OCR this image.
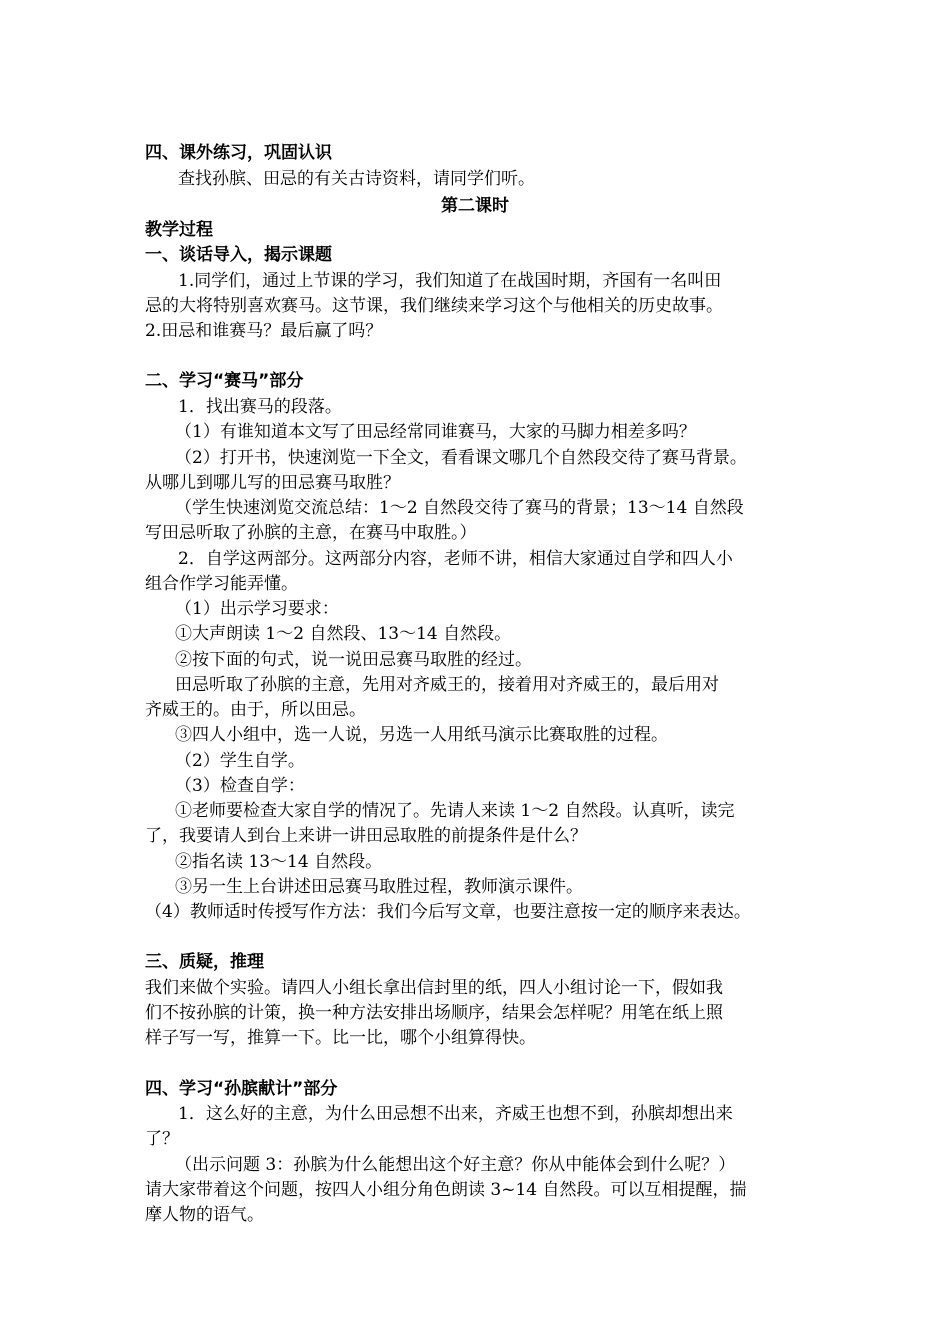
四、课外练习，巩固认识
查找孙膑、田忌的有关古诗资料，请同学们听。
第二课时
教学过程
一、谈话导入，揭示课题
1.同学们，通过上节课的学习，我们知道了在战国时期，齐国有一名叫田
忌的大将特别喜欢赛马。这节课，我们继续来学习这个与他相关的历史故事。
2.田忌和谁赛马？最后赢了吗？
二、学习“赛马”部分
1．找出赛马的段落。
（1）有谁知道本文写了田忌经常同谁赛马，大家的马脚力相差多吗？
（2）打开书，快速浏览一下全文，看看课文哪几个自然段交待了赛马背景。
从哪儿到哪儿写的田忌赛马取胜？
（学生快速浏览交流总结：1～2 自然段交待了赛马的背景；13～14 自然段
写田忌听取了孙膑的主意，在赛马中取胜。）
2．自学这两部分。这两部分内容，老师不讲，相信大家通过自学和四人小
组合作学习能弄懂。
（1）出示学习要求：
①大声朗读 1～2 自然段、13～14 自然段。
②按下面的句式，说一说田忌赛马取胜的经过。
田忌听取了孙膑的主意，先用对齐威王的，接着用对齐威王的，最后用对
齐威王的。由于，所以田忌。
③四人小组中，选一人说，另选一人用纸马演示比赛取胜的过程。
（2）学生自学。
（3）检查自学：
①老师要检查大家自学的情况了。先请人来读 1～2 自然段。认真听，读完
了，我要请人到台上来讲一讲田忌取胜的前提条件是什么？
②指名读 13～14 自然段。
③另一生上台讲述田忌赛马取胜过程，教师演示课件。
（4）教师适时传授写作方法：我们今后写文章，也要注意按一定的顺序来表达。
三、质疑，推理
我们来做个实验。请四人小组长拿出信封里的纸，四人小组讨论一下，假如我
们不按孙膑的计策，换一种方法安排出场顺序，结果会怎样呢？用笔在纸上照
样子写一写，推算一下。比一比，哪个小组算得快。
四、学习“孙膑献计”部分
1．这么好的主意，为什么田忌想不出来，齐威王也想不到，孙膑却想出来
了？
（出示问题 3：孙膑为什么能想出这个好主意？你从中能体会到什么呢？）
请大家带着这个问题，按四人小组分角色朗读 3~14 自然段。可以互相提醒，揣
摩人物的语气。
